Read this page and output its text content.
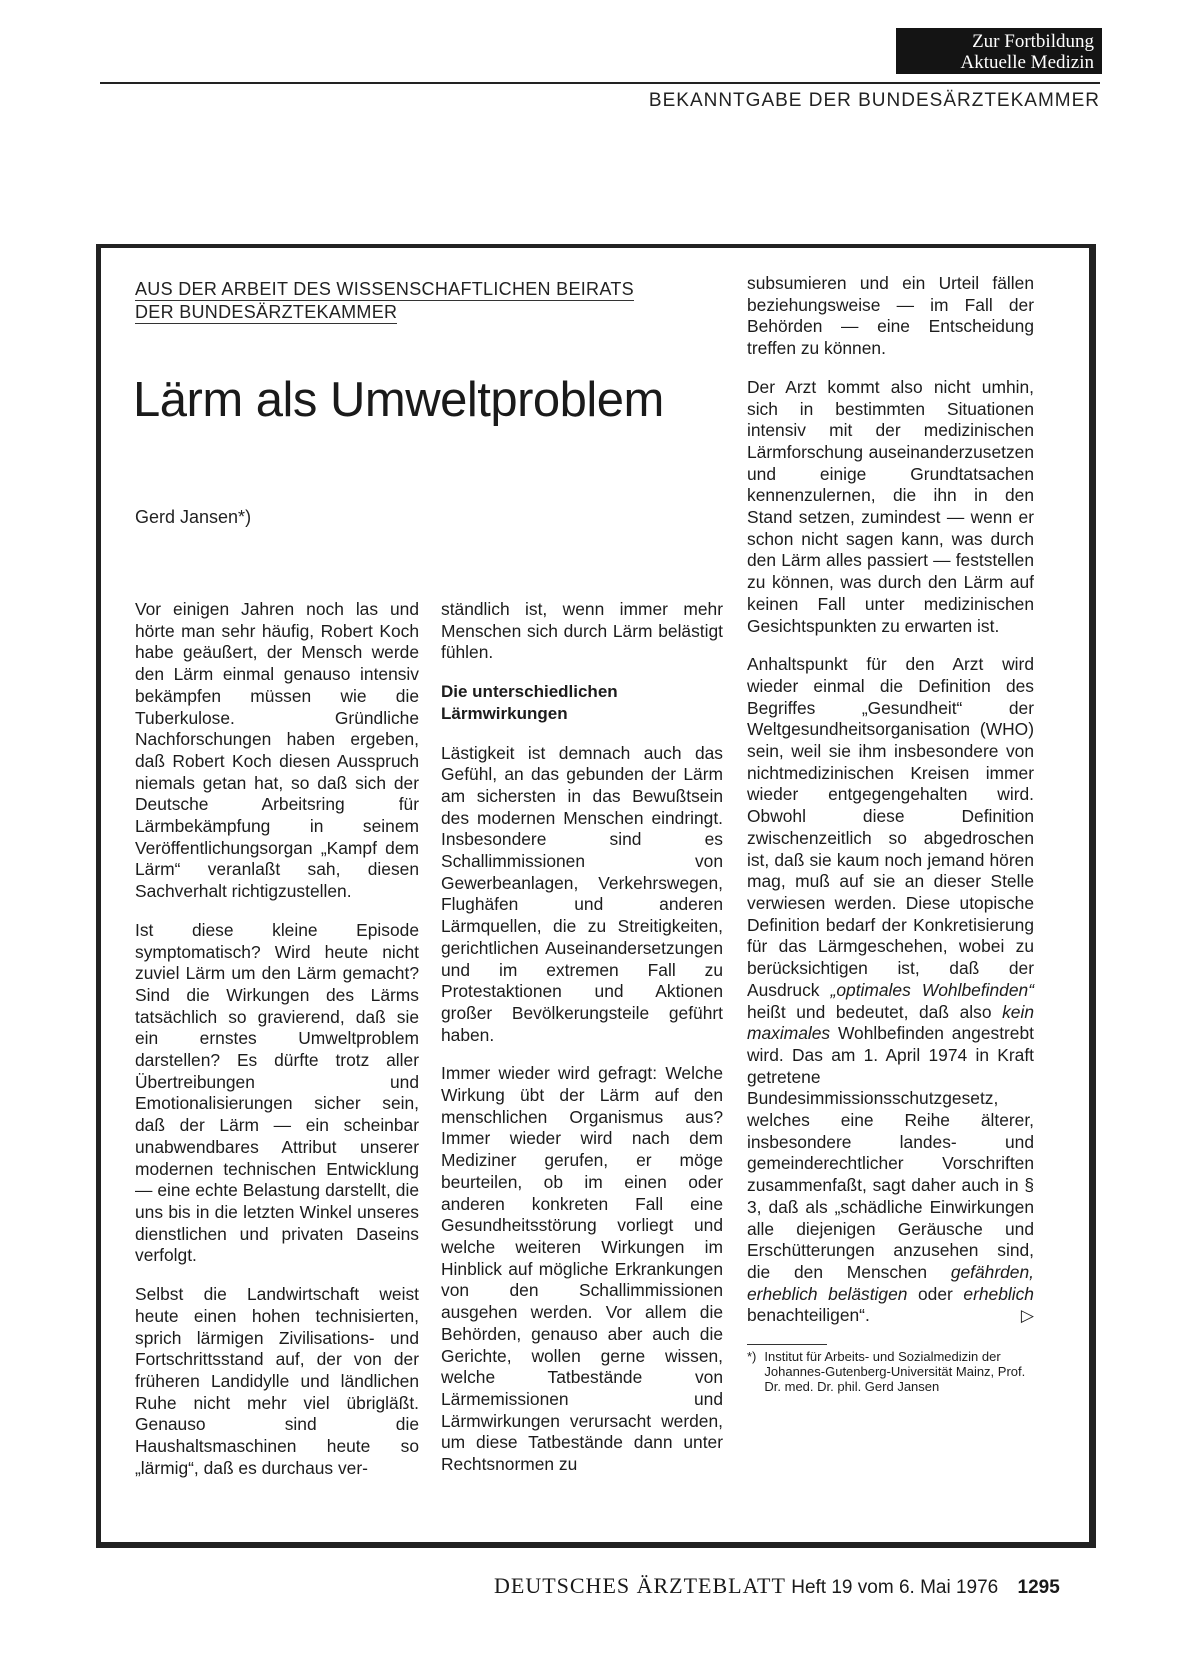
Zur Fortbildung
Aktuelle Medizin
BEKANNTGABE DER BUNDESÄRZTEKAMMER
AUS DER ARBEIT DES WISSENSCHAFTLICHEN BEIRATS
DER BUNDESÄRZTEKAMMER
Lärm als Umweltproblem
Gerd Jansen*)

Vor einigen Jahren noch las und hörte man sehr häufig, Robert Koch habe geäußert, der Mensch werde den Lärm einmal genauso intensiv bekämpfen müssen wie die Tuberkulose. Gründliche Nachforschungen haben ergeben, daß Robert Koch diesen Ausspruch niemals getan hat, so daß sich der Deutsche Arbeitsring für Lärmbekämpfung in seinem Veröffentlichungsorgan „Kampf dem Lärm“ veranlaßt sah, diesen Sachverhalt richtigzustellen.

Ist diese kleine Episode symptomatisch? Wird heute nicht zuviel Lärm um den Lärm gemacht? Sind die Wirkungen des Lärms tatsächlich so gravierend, daß sie ein ernstes Umweltproblem darstellen? Es dürfte trotz aller Übertreibungen und Emotionalisierungen sicher sein, daß der Lärm — ein scheinbar unabwendbares Attribut unserer modernen technischen Entwicklung — eine echte Belastung darstellt, die uns bis in die letzten Winkel unseres dienstlichen und privaten Daseins verfolgt.

Selbst die Landwirtschaft weist heute einen hohen technisierten, sprich lärmigen Zivilisations- und Fortschrittsstand auf, der von der früheren Landidylle und ländlichen Ruhe nicht mehr viel übrigläßt. Genauso sind die Haushaltsmaschinen heute so „lärmig“, daß es durchaus ver-

ständlich ist, wenn immer mehr Menschen sich durch Lärm belästigt fühlen.

Die unterschiedlichen Lärmwirkungen

Lästigkeit ist demnach auch das Gefühl, an das gebunden der Lärm am sichersten in das Bewußtsein des modernen Menschen eindringt. Insbesondere sind es Schallimmissionen von Gewerbeanlagen, Verkehrswegen, Flughäfen und anderen Lärmquellen, die zu Streitigkeiten, gerichtlichen Auseinandersetzungen und im extremen Fall zu Protestaktionen und Aktionen großer Bevölkerungsteile geführt haben.

Immer wieder wird gefragt: Welche Wirkung übt der Lärm auf den menschlichen Organismus aus? Immer wieder wird nach dem Mediziner gerufen, er möge beurteilen, ob im einen oder anderen konkreten Fall eine Gesundheitsstörung vorliegt und welche weiteren Wirkungen im Hinblick auf mögliche Erkrankungen von den Schallimmissionen ausgehen werden. Vor allem die Behörden, genauso aber auch die Gerichte, wollen gerne wissen, welche Tatbestände von Lärmemissionen und Lärmwirkungen verursacht werden, um diese Tatbestände dann unter Rechtsnormen zu

subsumieren und ein Urteil fällen beziehungsweise — im Fall der Behörden — eine Entscheidung treffen zu können.

Der Arzt kommt also nicht umhin, sich in bestimmten Situationen intensiv mit der medizinischen Lärmforschung auseinanderzusetzen und einige Grundtatsachen kennenzulernen, die ihn in den Stand setzen, zumindest — wenn er schon nicht sagen kann, was durch den Lärm alles passiert — feststellen zu können, was durch den Lärm auf keinen Fall unter medizinischen Gesichtspunkten zu erwarten ist.

Anhaltspunkt für den Arzt wird wieder einmal die Definition des Begriffes „Gesundheit“ der Weltgesundheitsorganisation (WHO) sein, weil sie ihm insbesondere von nichtmedizinischen Kreisen immer wieder entgegengehalten wird. Obwohl diese Definition zwischenzeitlich so abgedroschen ist, daß sie kaum noch jemand hören mag, muß auf sie an dieser Stelle verwiesen werden. Diese utopische Definition bedarf der Konkretisierung für das Lärmgeschehen, wobei zu berücksichtigen ist, daß der Ausdruck „optimales Wohlbefinden“ heißt und bedeutet, daß also kein maximales Wohlbefinden angestrebt wird. Das am 1. April 1974 in Kraft getretene Bundesimmissionsschutzgesetz, welches eine Reihe älterer, insbesondere landes- und gemeinderechtlicher Vorschriften zusammenfaßt, sagt daher auch in § 3, daß als „schädliche Einwirkungen alle diejenigen Geräusche und Erschütterungen anzusehen sind, die den Menschen gefährden, erheblich belästigen oder erheblich benachteiligen“.	▷

*) Institut für Arbeits- und Sozialmedizin der Johannes-Gutenberg-Universität Mainz, Prof. Dr. med. Dr. phil. Gerd Jansen
DEUTSCHES ÄRZTEBLATT Heft 19 vom 6. Mai 1976 1295
